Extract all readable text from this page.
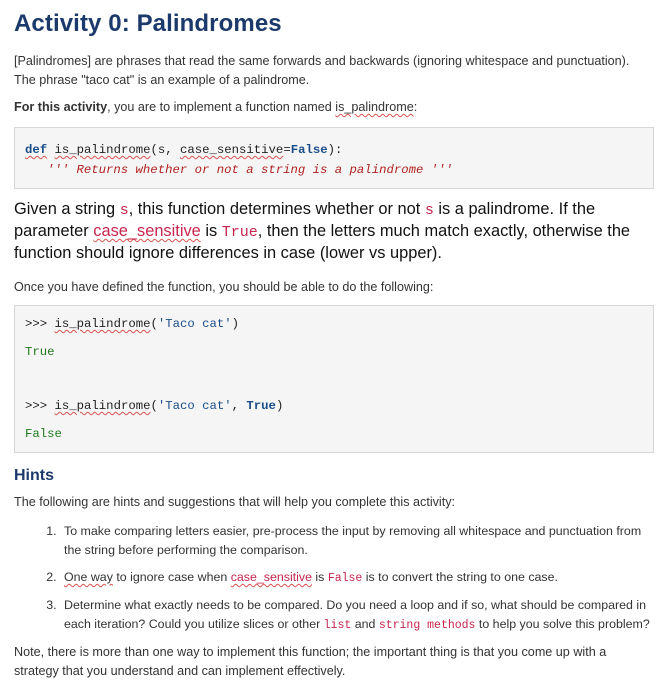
Activity 0: Palindromes

[Palindromes] are phrases that read the same forwards and backwards (ignoring whitespace and punctuation). The phrase "taco cat" is an example of a palindrome.

For this activity, you are to implement a function named is_palindrome:

def is_palindrome(s, case_sensitive=False):
''' Returns whether or not a string is a palindrome '''

Given a string s, this function determines whether or not s is a palindrome. If the parameter case_sensitive is True, then the letters much match exactly, otherwise the function should ignore differences in case (lower vs upper).

Once you have defined the function, you should be able to do the following:

>>> is_palindrome('Taco cat')
True
>>> is_palindrome('Taco cat', True)
False
Hints

The following are hints and suggestions that will help you complete this activity:

1. To make comparing letters easier, pre-process the input by removing all whitespace and punctuation from the string before performing the comparison.
2. One way to ignore case when case_sensitive is False is to convert the string to one case.
3. Determine what exactly needs to be compared. Do you need a loop and if so, what should be compared in each iteration? Could you utilize slices or other list and string methods to help you solve this problem?

Note, there is more than one way to implement this function; the important thing is that you come up with a strategy that you understand and can implement effectively.
